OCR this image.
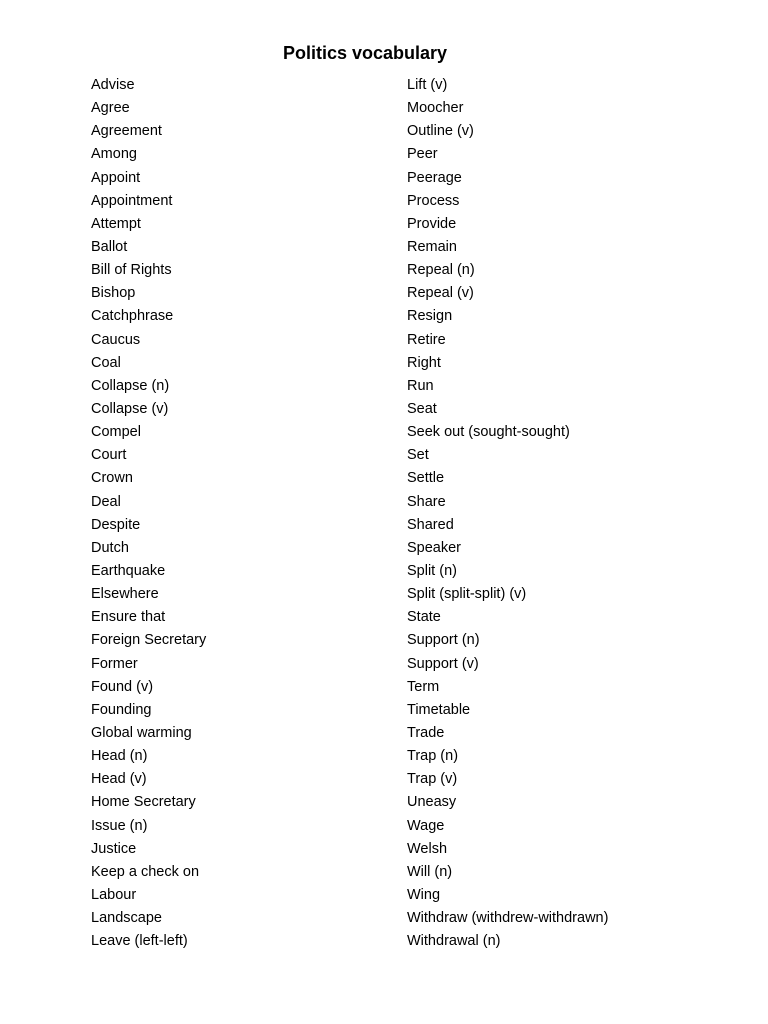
Politics vocabulary
Advise
Agree
Agreement
Among
Appoint
Appointment
Attempt
Ballot
Bill of Rights
Bishop
Catchphrase
Caucus
Coal
Collapse (n)
Collapse (v)
Compel
Court
Crown
Deal
Despite
Dutch
Earthquake
Elsewhere
Ensure that
Foreign Secretary
Former
Found (v)
Founding
Global warming
Head (n)
Head (v)
Home Secretary
Issue (n)
Justice
Keep a check on
Labour
Landscape
Leave (left-left)
Lift (v)
Moocher
Outline (v)
Peer
Peerage
Process
Provide
Remain
Repeal (n)
Repeal (v)
Resign
Retire
Right
Run
Seat
Seek out (sought-sought)
Set
Settle
Share
Shared
Speaker
Split (n)
Split (split-split) (v)
State
Support (n)
Support (v)
Term
Timetable
Trade
Trap (n)
Trap (v)
Uneasy
Wage
Welsh
Will (n)
Wing
Withdraw (withdrew-withdrawn)
Withdrawal (n)
